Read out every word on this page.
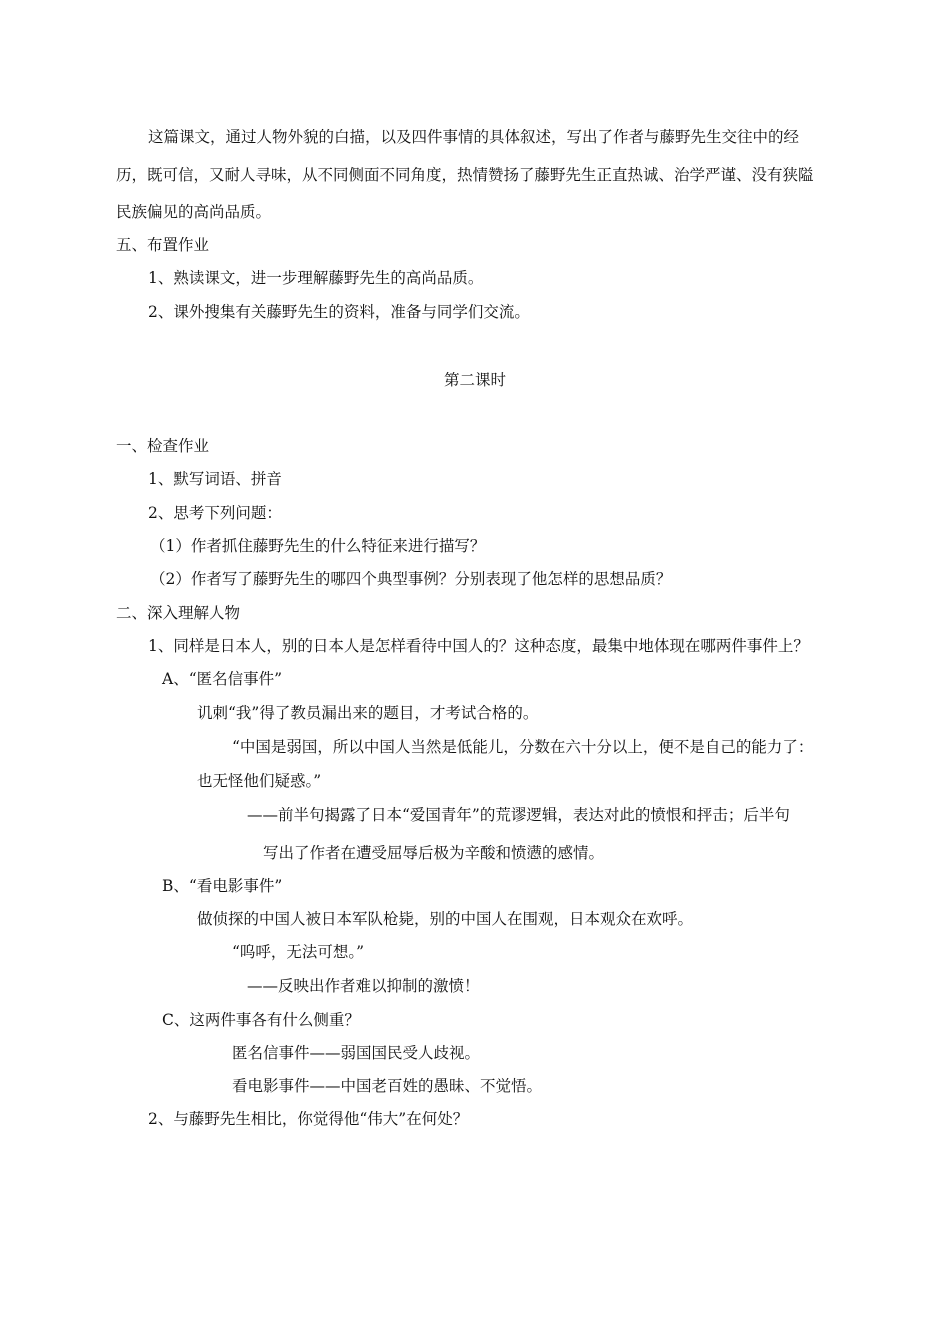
这篇课文，通过人物外貌的白描，以及四件事情的具体叙述，写出了作者与藤野先生交往中的经
历，既可信，又耐人寻味，从不同侧面不同角度，热情赞扬了藤野先生正直热诚、治学严谨、没有狭隘
民族偏见的高尚品质。
五、布置作业
1、熟读课文，进一步理解藤野先生的高尚品质。
2、课外搜集有关藤野先生的资料，准备与同学们交流。
第二课时
一、检查作业
1、默写词语、拼音
2、思考下列问题：
（1）作者抓住藤野先生的什么特征来进行描写？
（2）作者写了藤野先生的哪四个典型事例？分别表现了他怎样的思想品质？
二、深入理解人物
1、同样是日本人，别的日本人是怎样看待中国人的？这种态度，最集中地体现在哪两件事件上？
A、“匿名信事件”
讥刺“我”得了教员漏出来的题目，才考试合格的。
“中国是弱国，所以中国人当然是低能儿，分数在六十分以上，便不是自己的能力了：
也无怪他们疑惑。”
——前半句揭露了日本“爱国青年”的荒谬逻辑，表达对此的愤恨和抨击；后半句
写出了作者在遭受屈辱后极为辛酸和愤懑的感情。
B、“看电影事件”
做侦探的中国人被日本军队枪毙，别的中国人在围观，日本观众在欢呼。
“呜呼，无法可想。”
——反映出作者难以抑制的激愤！
C、这两件事各有什么侧重？
匿名信事件——弱国国民受人歧视。
看电影事件——中国老百姓的愚昧、不觉悟。
2、与藤野先生相比，你觉得他“伟大”在何处？
